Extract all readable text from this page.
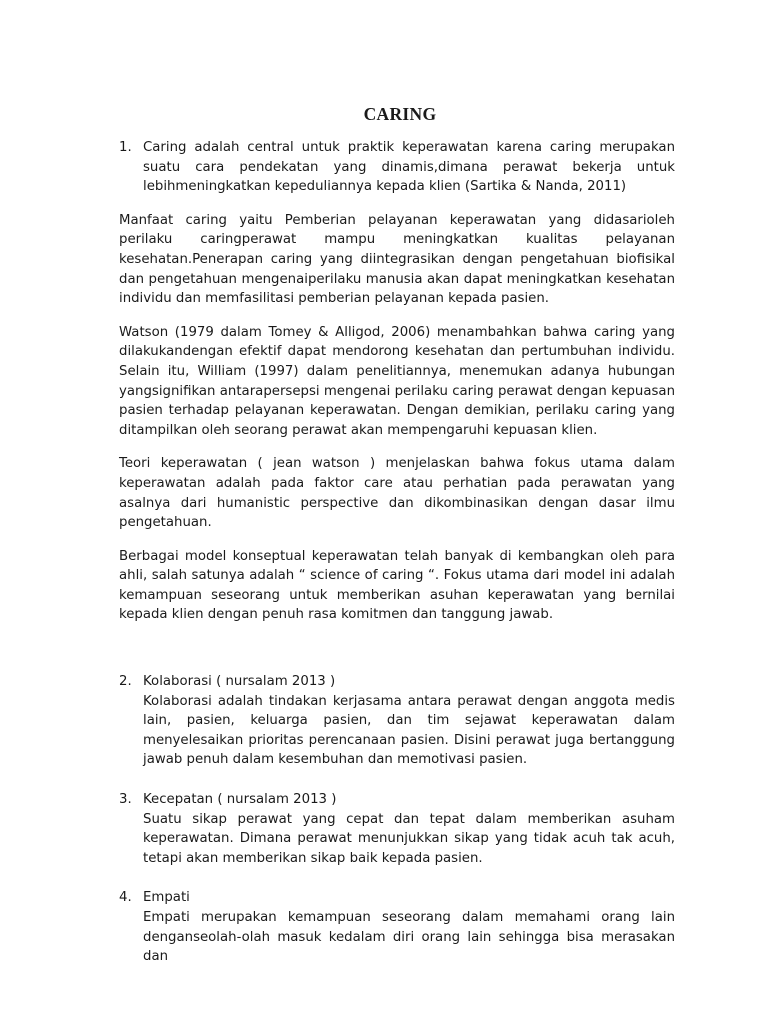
CARING
1. Caring adalah central untuk praktik keperawatan karena caring merupakan suatu cara pendekatan yang dinamis,dimana perawat bekerja untuk lebihmeningkatkan kepeduliannya kepada klien (Sartika & Nanda, 2011)

Manfaat caring yaitu Pemberian pelayanan keperawatan yang didasarioleh perilaku caringperawat mampu meningkatkan kualitas pelayanan kesehatan.Penerapan caring yang diintegrasikan dengan pengetahuan biofisikal dan pengetahuan mengenaiperilaku manusia akan dapat meningkatkan kesehatan individu dan memfasilitasi pemberian pelayanan kepada pasien.

Watson (1979 dalam Tomey & Alligod, 2006) menambahkan bahwa caring yang dilakukandengan efektif dapat mendorong kesehatan dan pertumbuhan individu. Selain itu, William (1997) dalam penelitiannya, menemukan adanya hubungan yangsignifikan antarapersepsi mengenai perilaku caring perawat dengan kepuasan pasien terhadap pelayanan keperawatan. Dengan demikian, perilaku caring yang ditampilkan oleh seorang perawat akan mempengaruhi kepuasan klien.

Teori keperawatan ( jean watson ) menjelaskan bahwa fokus utama dalam keperawatan adalah pada faktor care atau perhatian pada perawatan yang asalnya dari humanistic perspective dan dikombinasikan dengan dasar ilmu pengetahuan.

Berbagai model konseptual keperawatan telah banyak di kembangkan oleh para ahli, salah satunya adalah “ science of caring “. Fokus utama dari model ini adalah kemampuan seseorang untuk memberikan asuhan keperawatan yang bernilai kepada klien dengan penuh rasa komitmen dan tanggung jawab.

2. Kolaborasi ( nursalam 2013 )
Kolaborasi adalah tindakan kerjasama antara perawat dengan anggota medis lain, pasien, keluarga pasien, dan tim sejawat keperawatan dalam menyelesaikan prioritas perencanaan pasien. Disini perawat juga bertanggung jawab penuh dalam kesembuhan dan memotivasi pasien.
3. Kecepatan ( nursalam 2013 )
Suatu sikap perawat yang cepat dan tepat dalam memberikan asuham keperawatan. Dimana perawat menunjukkan sikap yang tidak acuh tak acuh, tetapi akan memberikan sikap baik kepada pasien.
4. Empati
Empati merupakan kemampuan seseorang dalam memahami orang lain denganseolah-olah masuk kedalam diri orang lain sehingga bisa merasakan dan
